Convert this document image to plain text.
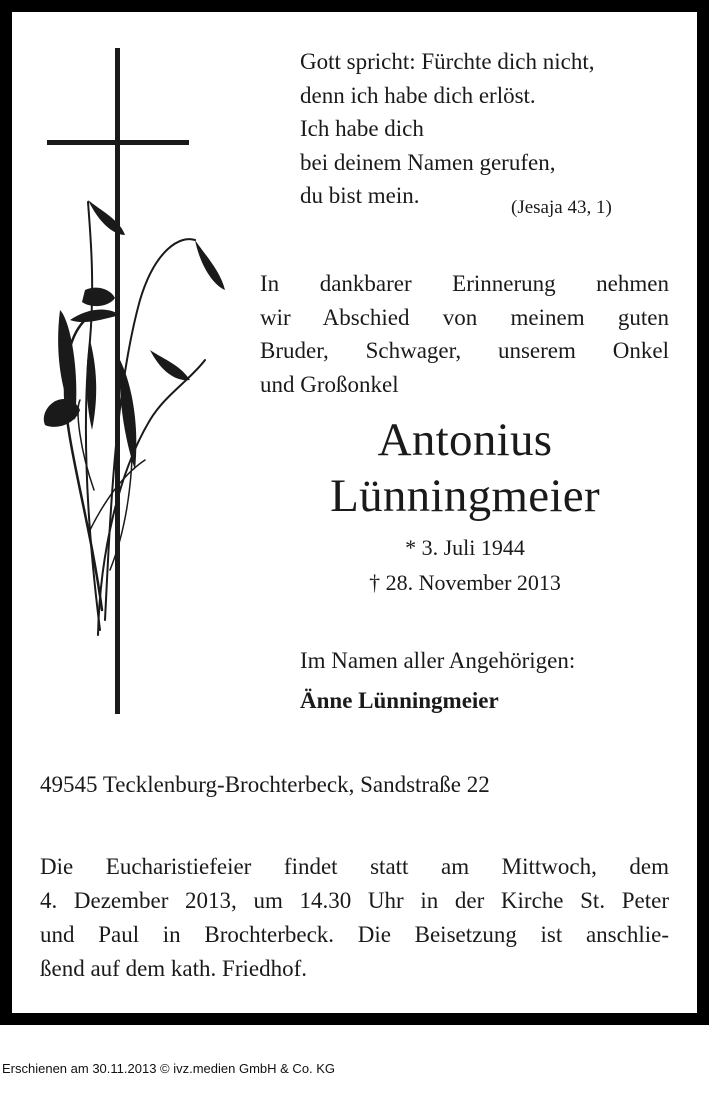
Gott spricht: Fürchte dich nicht,
denn ich habe dich erlöst.
Ich habe dich
bei deinem Namen gerufen,
du bist mein.	(Jesaja 43, 1)
In dankbarer Erinnerung nehmen
wir Abschied von meinem guten
Bruder, Schwager, unserem Onkel
und Großonkel
Antonius
Lünningmeier
* 3. Juli 1944
† 28. November 2013
Im Namen aller Angehörigen:
Änne Lünningmeier
49545 Tecklenburg-Brochterbeck, Sandstraße 22
Die Eucharistiefeier findet statt am Mittwoch, dem
4. Dezember 2013, um 14.30 Uhr in der Kirche St. Peter
und Paul in Brochterbeck. Die Beisetzung ist anschlie-
ßend auf dem kath. Friedhof.
Erschienen am 30.11.2013 © ivz.medien GmbH & Co. KG
